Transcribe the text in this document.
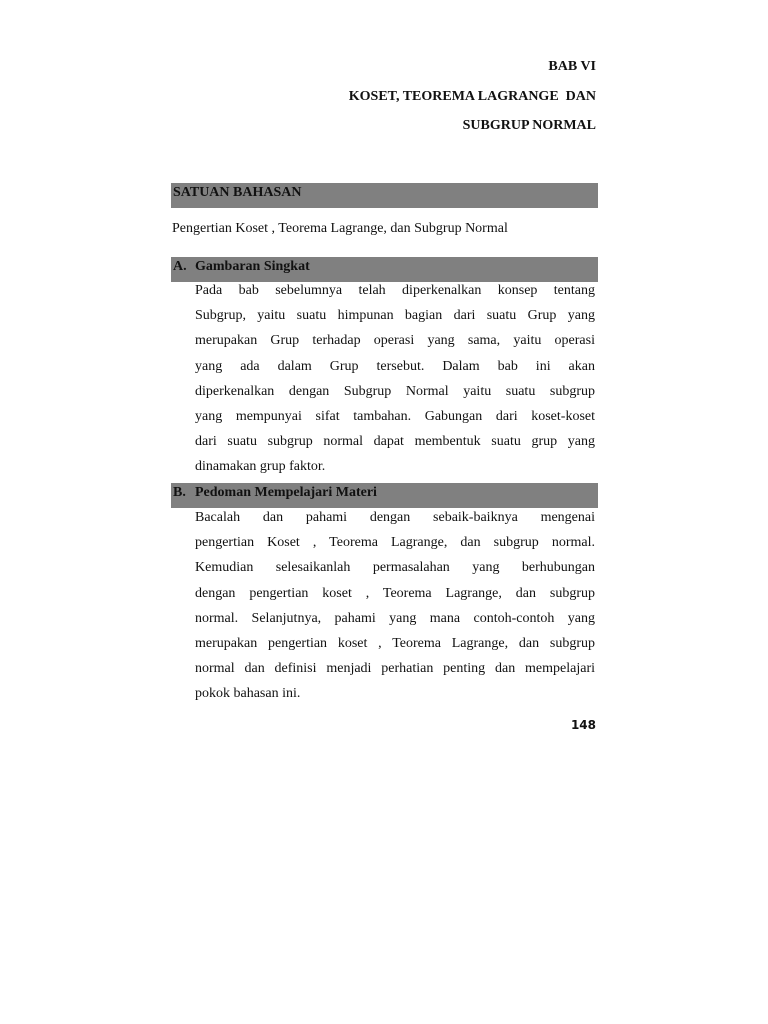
BAB VI
KOSET, TEOREMA LAGRANGE  DAN
SUBGRUP NORMAL
SATUAN BAHASAN
Pengertian Koset , Teorema Lagrange, dan Subgrup Normal
A. Gambaran Singkat
Pada bab sebelumnya telah diperkenalkan konsep tentang
Subgrup, yaitu suatu himpunan bagian dari suatu Grup yang
merupakan Grup terhadap operasi yang sama, yaitu operasi
yang ada dalam Grup tersebut. Dalam bab ini akan
diperkenalkan dengan Subgrup Normal yaitu suatu subgrup
yang mempunyai sifat tambahan. Gabungan dari koset-koset
dari suatu subgrup normal dapat membentuk suatu grup yang
dinamakan grup faktor.
B. Pedoman Mempelajari Materi
Bacalah dan pahami dengan sebaik-baiknya mengenai
pengertian Koset , Teorema Lagrange, dan subgrup normal.
Kemudian selesaikanlah permasalahan yang berhubungan
dengan pengertian koset , Teorema Lagrange, dan subgrup
normal. Selanjutnya, pahami yang mana contoh-contoh yang
merupakan pengertian koset , Teorema Lagrange, dan subgrup
normal dan definisi menjadi perhatian penting dan mempelajari
pokok bahasan ini.
148
